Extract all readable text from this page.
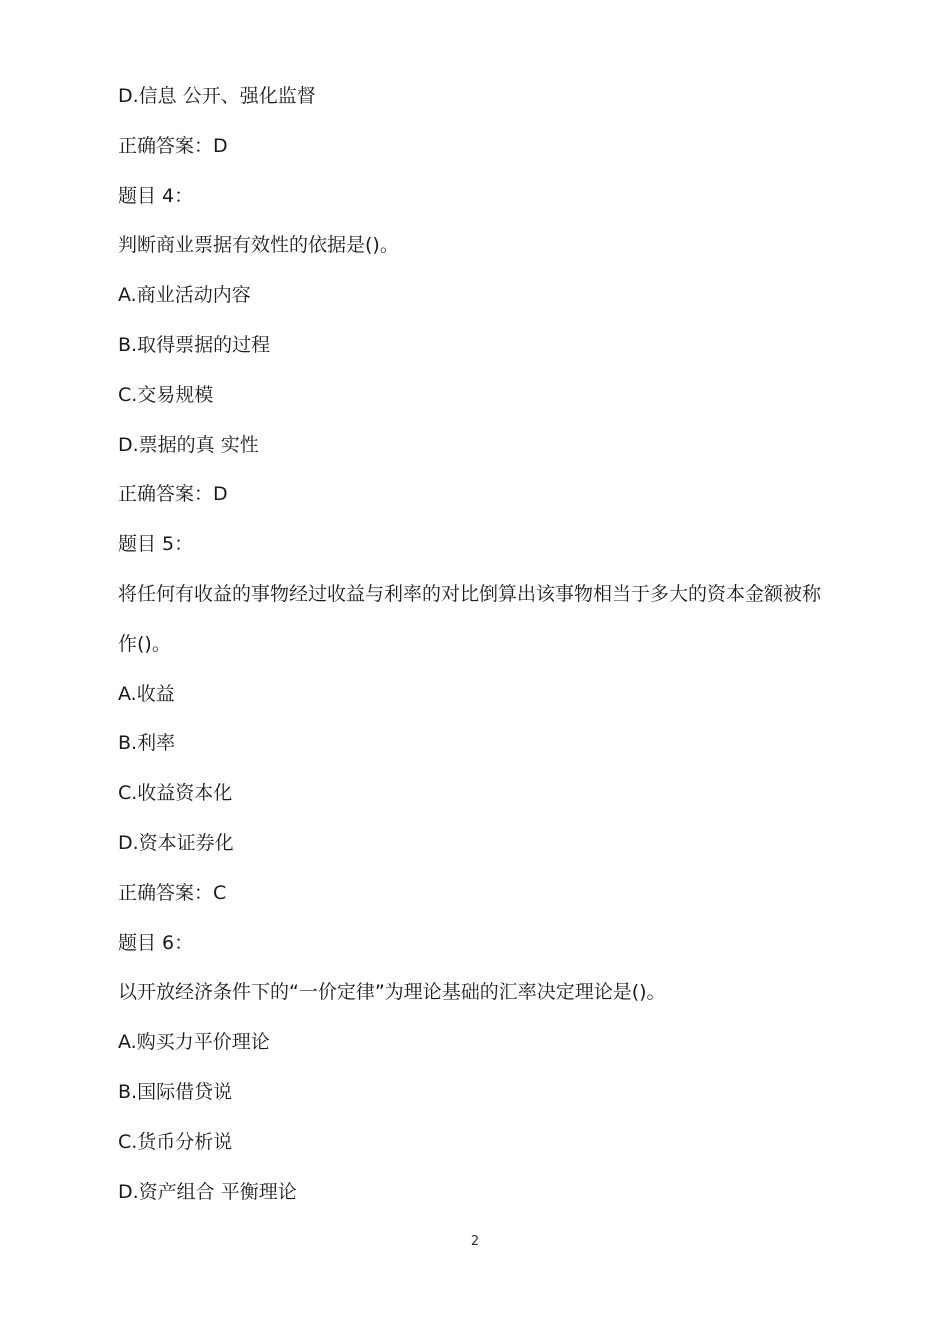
D.信息 公开、强化监督
正确答案：D
题目 4：
判断商业票据有效性的依据是()。
A.商业活动内容
B.取得票据的过程
C.交易规模
D.票据的真 实性
正确答案：D
题目 5：
将任何有收益的事物经过收益与利率的对比倒算出该事物相当于多大的资本金额被称
作()。
A.收益
B.利率
C.收益资本化
D.资本证券化
正确答案：C
题目 6：
以开放经济条件下的“一价定律”为理论基础的汇率决定理论是()。
A.购买力平价理论
B.国际借贷说
C.货币分析说
D.资产组合 平衡理论
2
